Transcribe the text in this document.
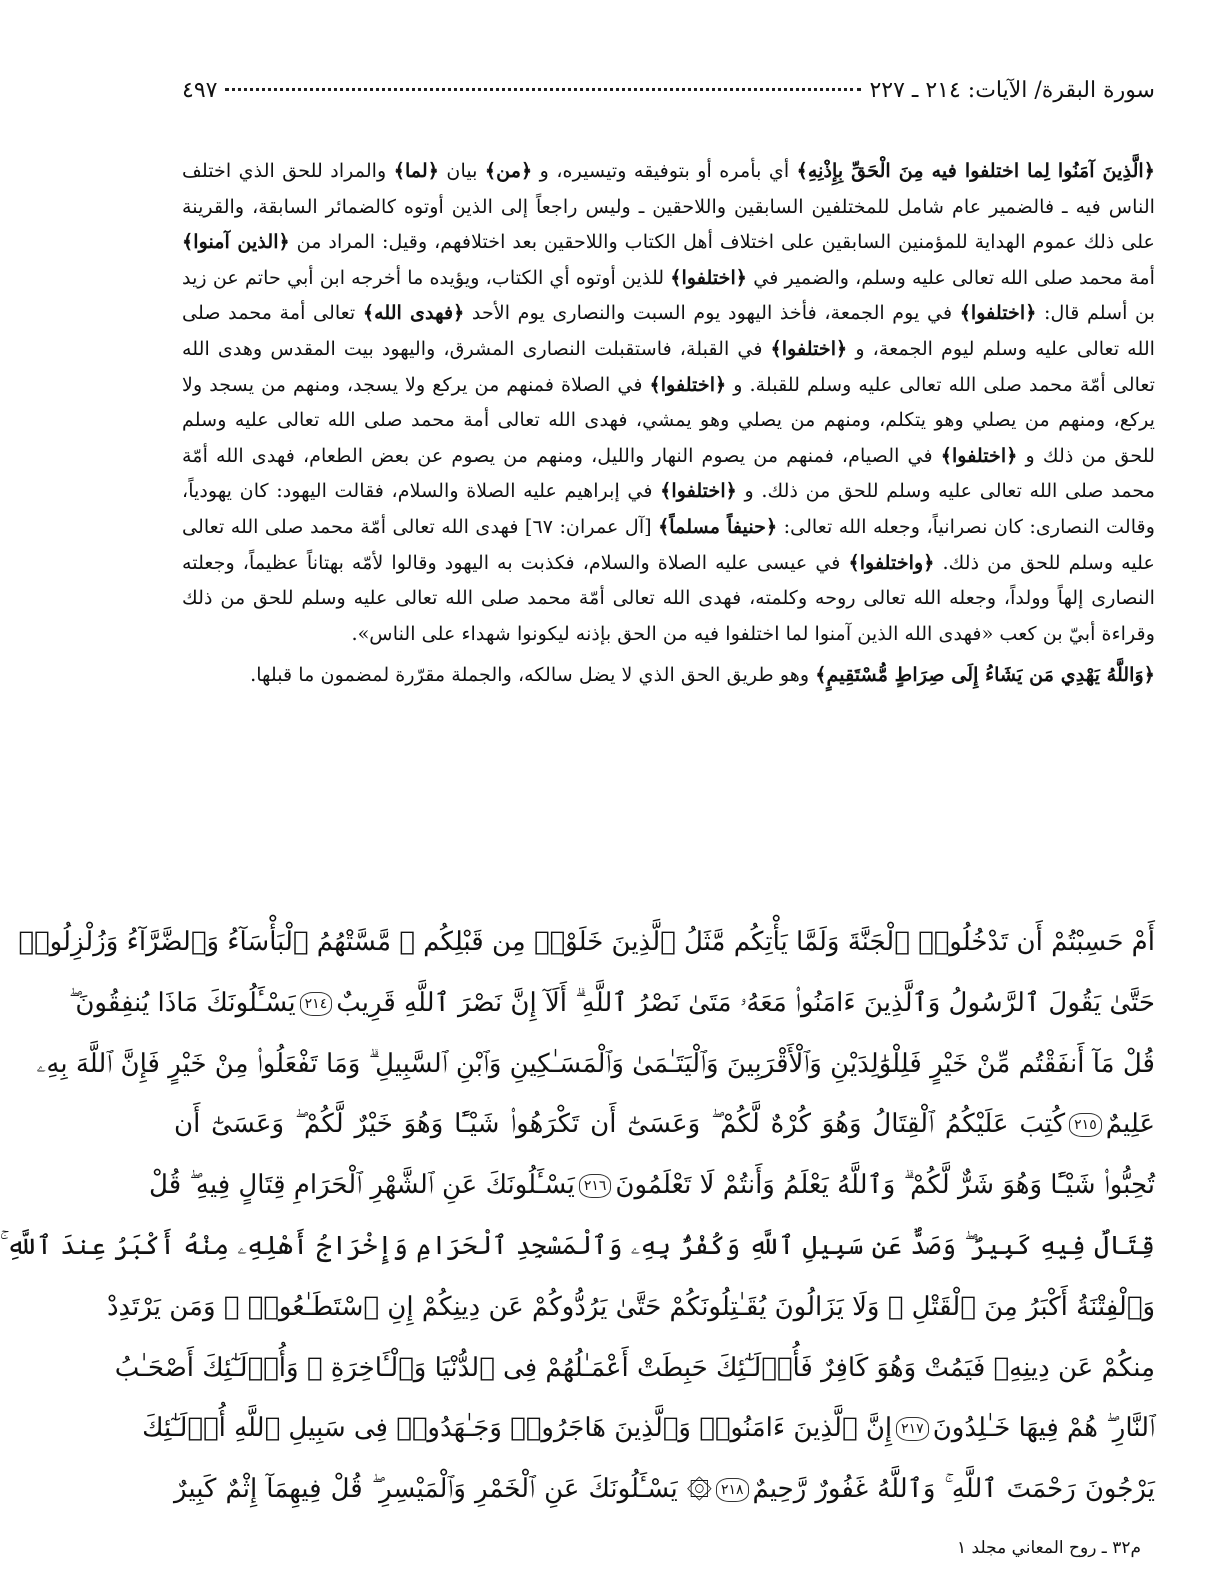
سورة البقرة/ الآيات: ٢١٤ ـ ٢٢٧
٤٩٧

﴿الَّذِينَ آمَنُوا لِما اختلفوا فيه مِنَ الْحَقِّ بِإِذْنِهِ﴾ أي بأمره أو بتوفيقه وتيسيره، و ﴿من﴾ بيان ﴿لما﴾ والمراد للحق الذي اختلف الناس فيه ـ فالضمير عام شامل للمختلفين السابقين واللاحقين ـ وليس راجعاً إلى الذين أوتوه كالضمائر السابقة، والقرينة على ذلك عموم الهداية للمؤمنين السابقين على اختلاف أهل الكتاب واللاحقين بعد اختلافهم، وقيل: المراد من ﴿الذين آمنوا﴾ أمة محمد صلى الله تعالى عليه وسلم، والضمير في ﴿اختلفوا﴾ للذين أوتوه أي الكتاب، ويؤيده ما أخرجه ابن أبي حاتم عن زيد بن أسلم قال: ﴿اختلفوا﴾ في يوم الجمعة، فأخذ اليهود يوم السبت والنصارى يوم الأحد ﴿فهدى الله﴾ تعالى أمة محمد صلى الله تعالى عليه وسلم ليوم الجمعة، و ﴿اختلفوا﴾ في القبلة، فاستقبلت النصارى المشرق، واليهود بيت المقدس وهدى الله تعالى أمّة محمد صلى الله تعالى عليه وسلم للقبلة. و ﴿اختلفوا﴾ في الصلاة فمنهم من يركع ولا يسجد، ومنهم من يسجد ولا يركع، ومنهم من يصلي وهو يتكلم، ومنهم من يصلي وهو يمشي، فهدى الله تعالى أمة محمد صلى الله تعالى عليه وسلم للحق من ذلك و ﴿اختلفوا﴾ في الصيام، فمنهم من يصوم النهار والليل، ومنهم من يصوم عن بعض الطعام، فهدى الله أمّة محمد صلى الله تعالى عليه وسلم للحق من ذلك. و ﴿اختلفوا﴾ في إبراهيم عليه الصلاة والسلام، فقالت اليهود: كان يهودياً، وقالت النصارى: كان نصرانياً، وجعله الله تعالى: ﴿حنيفاً مسلماً﴾ [آل عمران: ٦٧] فهدى الله تعالى أمّة محمد صلى الله تعالى عليه وسلم للحق من ذلك. ﴿واختلفوا﴾ في عيسى عليه الصلاة والسلام، فكذبت به اليهود وقالوا لأمّه بهتاناً عظيماً، وجعلته النصارى إلهاً وولداً، وجعله الله تعالى روحه وكلمته، فهدى الله تعالى أمّة محمد صلى الله تعالى عليه وسلم للحق من ذلك وقراءة أبيّ بن كعب «فهدى الله الذين آمنوا لما اختلفوا فيه من الحق بإذنه ليكونوا شهداء على الناس».

﴿وَاللَّهُ يَهْدِي مَن يَشَاءُ إِلَى صِرَاطٍ مُّسْتَقِيمٍ﴾ وهو طريق الحق الذي لا يضل سالكه، والجملة مقرّرة لمضمون ما قبلها.

أَمْ حَسِبْتُمْ أَن تَدْخُلُوا۟ ٱلْجَنَّةَ وَلَمَّا يَأْتِكُم مَّثَلُ ٱلَّذِينَ خَلَوْا۟ مِن قَبْلِكُم ۖ مَّسَّتْهُمُ ٱلْبَأْسَآءُ وَٱلضَّرَّآءُ وَزُلْزِلُوا۟
حَتَّىٰ يَقُولَ ٱلرَّسُولُ وَٱلَّذِينَ ءَامَنُوا۟ مَعَهُۥ مَتَىٰ نَصْرُ ٱللَّهِ ۗ أَلَآ إِنَّ نَصْرَ ٱللَّهِ قَرِيبٌ٢١٤يَسْـَٔلُونَكَ مَاذَا يُنفِقُونَ ۖ
قُلْ مَآ أَنفَقْتُم مِّنْ خَيْرٍ فَلِلْوَٰلِدَيْنِ وَٱلْأَقْرَبِينَ وَٱلْيَتَـٰمَىٰ وَٱلْمَسَـٰكِينِ وَٱبْنِ ٱلسَّبِيلِ ۗ وَمَا تَفْعَلُوا۟ مِنْ خَيْرٍ فَإِنَّ ٱللَّهَ بِهِۦ
عَلِيمٌ٢١٥كُتِبَ عَلَيْكُمُ ٱلْقِتَالُ وَهُوَ كُرْهٌ لَّكُمْ ۖ وَعَسَىٰٓ أَن تَكْرَهُوا۟ شَيْـًٔا وَهُوَ خَيْرٌ لَّكُمْ ۖ وَعَسَىٰٓ أَن
تُحِبُّوا۟ شَيْـًٔا وَهُوَ شَرٌّ لَّكُمْ ۗ وَٱللَّهُ يَعْلَمُ وَأَنتُمْ لَا تَعْلَمُونَ٢١٦يَسْـَٔلُونَكَ عَنِ ٱلشَّهْرِ ٱلْحَرَامِ قِتَالٍ فِيهِ ۖ قُلْ
قِتَالٌ فِيهِ كَبِيرٌ ۖ وَصَدٌّ عَن سَبِيلِ ٱللَّهِ وَكُفْرٌۢ بِهِۦ وَٱلْمَسْجِدِ ٱلْحَرَامِ وَإِخْرَاجُ أَهْلِهِۦ مِنْهُ أَكْبَرُ عِندَ ٱللَّهِ ۚ
وَٱلْفِتْنَةُ أَكْبَرُ مِنَ ٱلْقَتْلِ ۗ وَلَا يَزَالُونَ يُقَـٰتِلُونَكُمْ حَتَّىٰ يَرُدُّوكُمْ عَن دِينِكُمْ إِنِ ٱسْتَطَـٰعُوا۟ ۚ وَمَن يَرْتَدِدْ
مِنكُمْ عَن دِينِهِۦ فَيَمُتْ وَهُوَ كَافِرٌ فَأُو۟لَـٰٓئِكَ حَبِطَتْ أَعْمَـٰلُهُمْ فِى ٱلدُّنْيَا وَٱلْـَٔاخِرَةِ ۖ وَأُو۟لَـٰٓئِكَ أَصْحَـٰبُ
ٱلنَّارِ ۖ هُمْ فِيهَا خَـٰلِدُونَ٢١٧إِنَّ ٱلَّذِينَ ءَامَنُوا۟ وَٱلَّذِينَ هَاجَرُوا۟ وَجَـٰهَدُوا۟ فِى سَبِيلِ ٱللَّهِ أُو۟لَـٰٓئِكَ
يَرْجُونَ رَحْمَتَ ٱللَّهِ ۚ وَٱللَّهُ غَفُورٌ رَّحِيمٌ٢١٨۞ يَسْـَٔلُونَكَ عَنِ ٱلْخَمْرِ وَٱلْمَيْسِرِ ۖ قُلْ فِيهِمَآ إِثْمٌ كَبِيرٌ
م٣٢ ـ روح المعاني مجلد ١
